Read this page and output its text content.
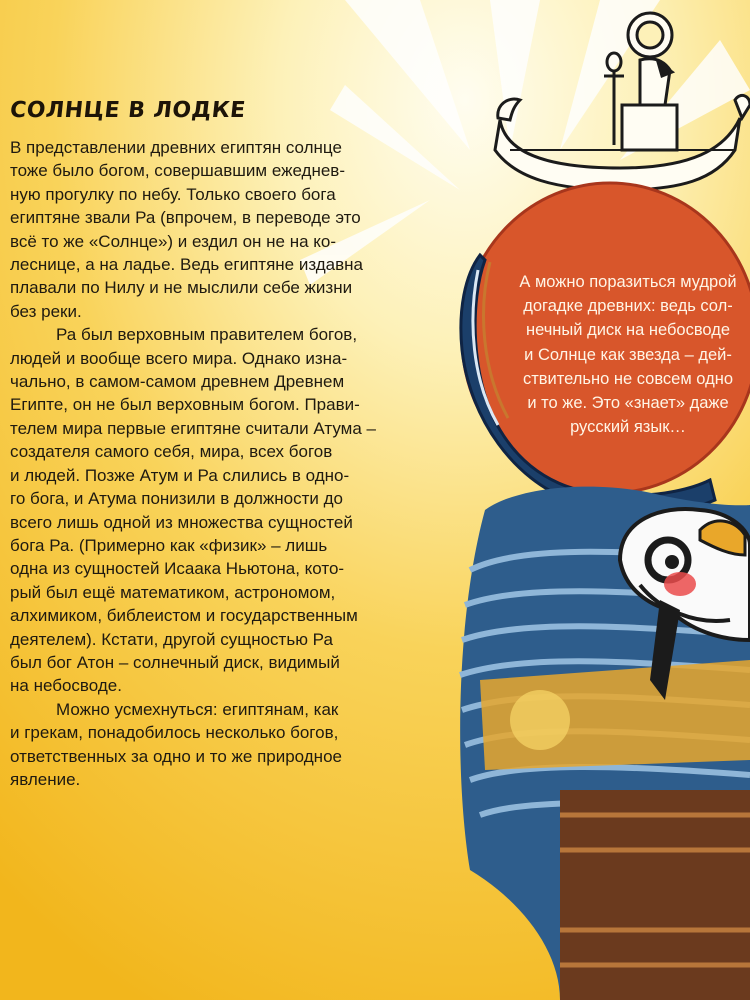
СОЛНЦЕ В ЛОДКЕ
В представлении древних египтян солнце
тоже было богом, совершавшим ежеднев-
ную прогулку по небу. Только своего бога
египтяне звали Ра (впрочем, в переводе это
всё то же «Солнце») и ездил он не на ко-
леснице, а на ладье. Ведь египтяне издавна
плавали по Нилу и не мыслили себе жизни
без реки.
Ра был верховным правителем богов,
людей и вообще всего мира. Однако изна-
чально, в самом-самом древнем Древнем
Египте, он не был верховным богом. Прави-
телем мира первые египтяне считали Атума –
создателя самого себя, мира, всех богов
и людей. Позже Атум и Ра слились в одно-
го бога, и Атума понизили в должности до
всего лишь одной из множества сущностей
бога Ра. (Примерно как «физик» – лишь
одна из сущностей Исаака Ньютона, кото-
рый был ещё математиком, астрономом,
алхимиком, библеистом и государственным
деятелем). Кстати, другой сущностью Ра
был бог Атон – солнечный диск, видимый
на небосводе.
Можно усмехнуться: египтянам, как
и грекам, понадобилось несколько богов,
ответственных за одно и то же природное
явление.
А можно поразиться мудрой
догадке древних: ведь сол-
нечный диск на небосводе
и Солнце как звезда – дей-
ствительно не совсем одно
и то же. Это «знает» даже
русский язык…
